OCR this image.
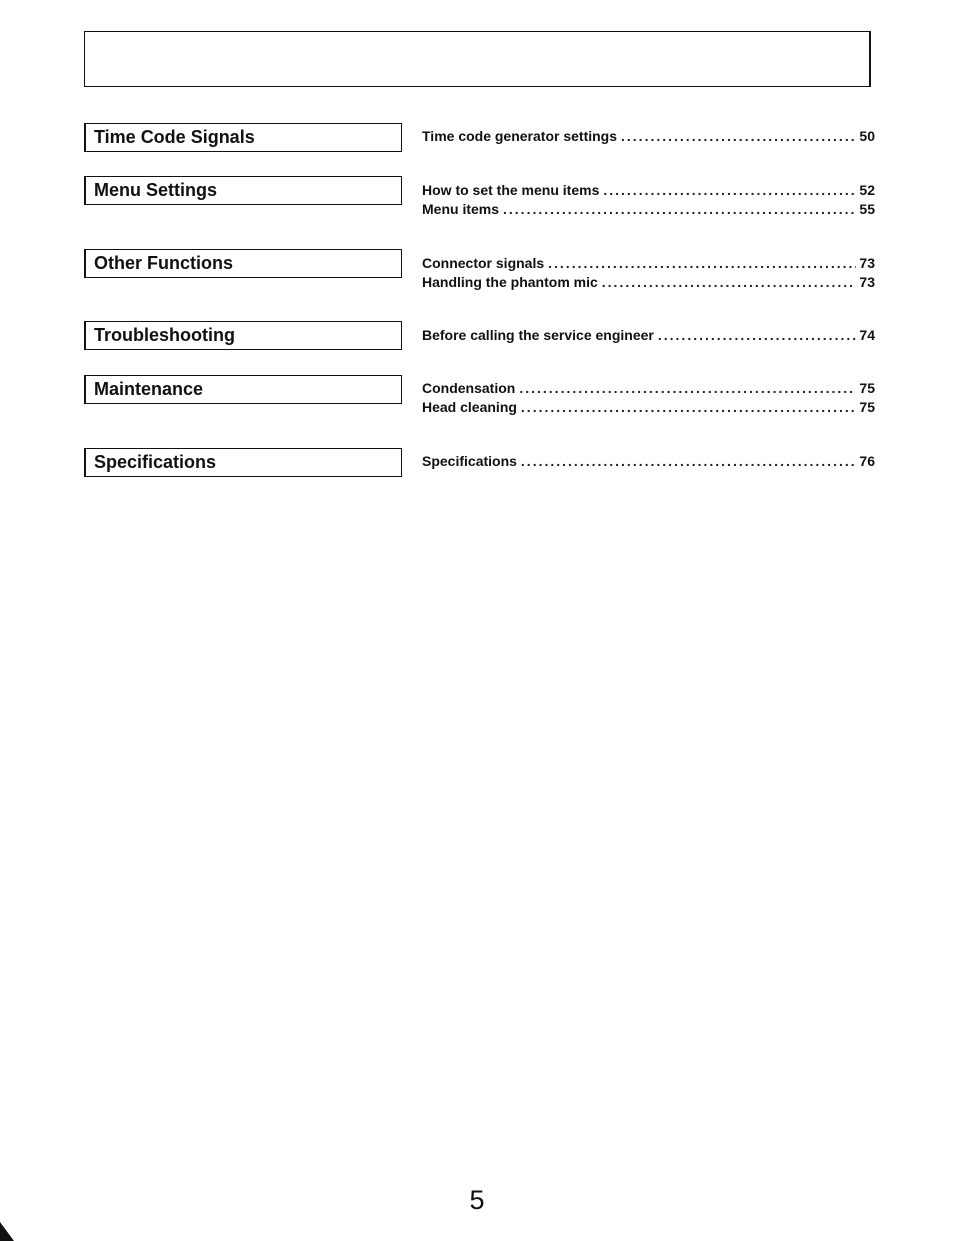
Time Code Signals	Time code generator settings .....	50
Menu Settings	How to set the menu items .....	52
Menu items .....	55
Other Functions	Connector signals .....	73
Handling the phantom mic .....	73
Troubleshooting	Before calling the service engineer .....	74
Maintenance	Condensation .....	75
Head cleaning .....	75
Specifications	Specifications .....	76
5
